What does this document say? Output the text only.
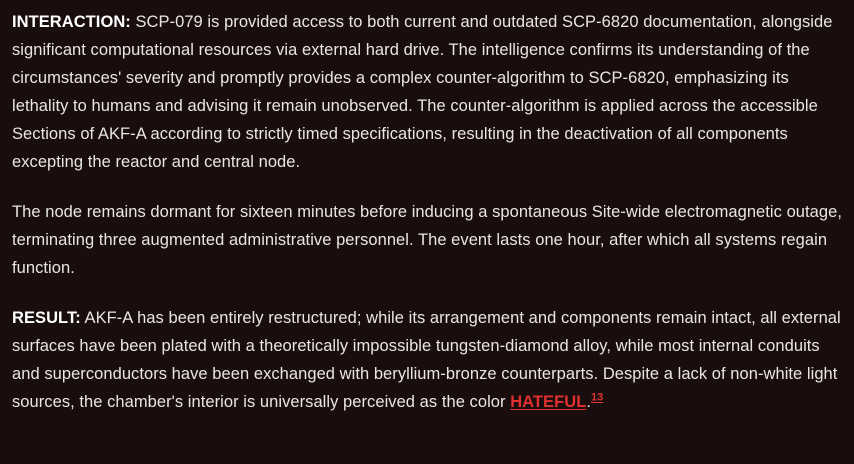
INTERACTION: SCP-079 is provided access to both current and outdated SCP-6820 documentation, alongside significant computational resources via external hard drive. The intelligence confirms its understanding of the circumstances' severity and promptly provides a complex counter-algorithm to SCP-6820, emphasizing its lethality to humans and advising it remain unobserved. The counter-algorithm is applied across the accessible Sections of AKF-A according to strictly timed specifications, resulting in the deactivation of all components excepting the reactor and central node.

The node remains dormant for sixteen minutes before inducing a spontaneous Site-wide electromagnetic outage, terminating three augmented administrative personnel. The event lasts one hour, after which all systems regain function.

RESULT: AKF-A has been entirely restructured; while its arrangement and components remain intact, all external surfaces have been plated with a theoretically impossible tungsten-diamond alloy, while most internal conduits and superconductors have been exchanged with beryllium-bronze counterparts. Despite a lack of non-white light sources, the chamber's interior is universally perceived as the color HATEFUL.$^{13}$
